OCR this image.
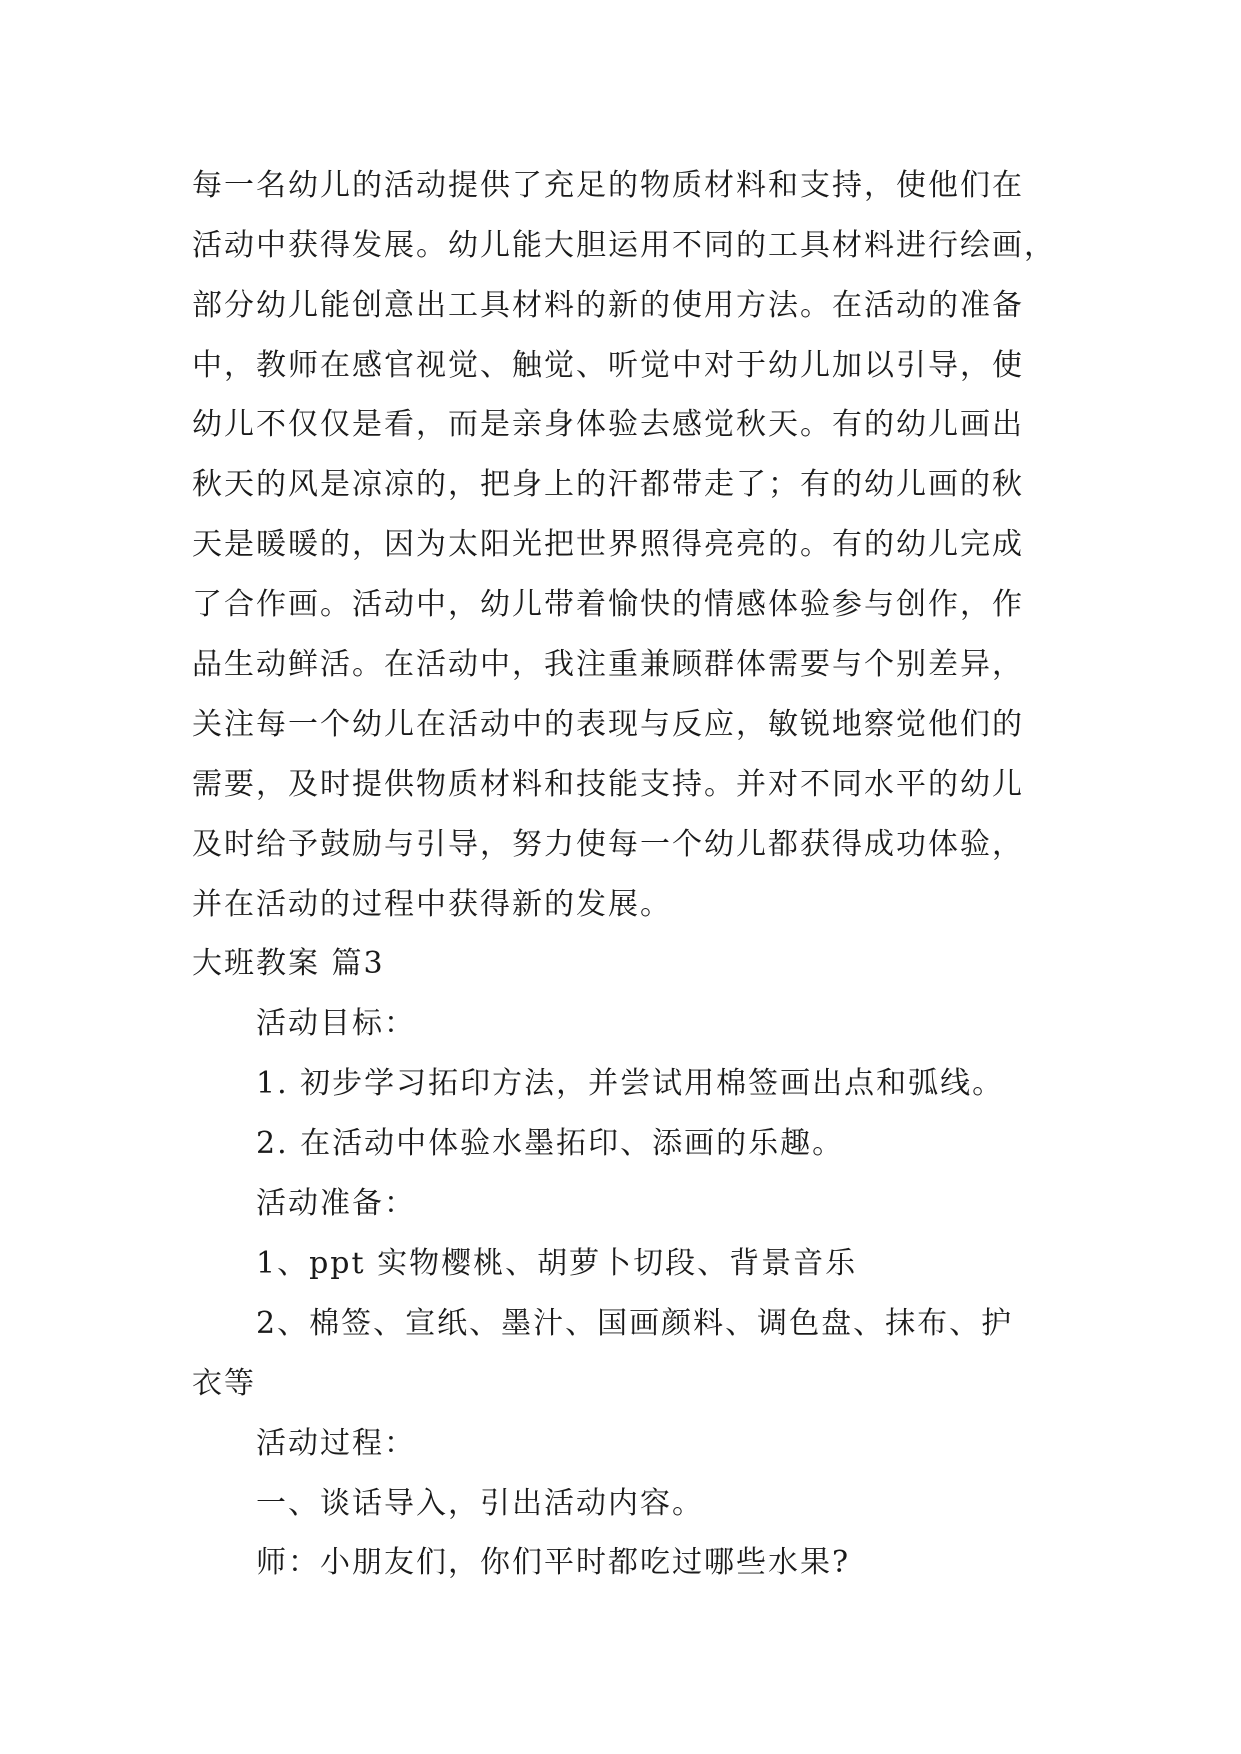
每一名幼儿的活动提供了充足的物质材料和支持，使他们在

活动中获得发展。幼儿能大胆运用不同的工具材料进行绘画，

部分幼儿能创意出工具材料的新的使用方法。在活动的准备

中，教师在感官视觉、触觉、听觉中对于幼儿加以引导，使

幼儿不仅仅是看，而是亲身体验去感觉秋天。有的幼儿画出

秋天的风是凉凉的，把身上的汗都带走了；有的幼儿画的秋

天是暖暖的，因为太阳光把世界照得亮亮的。有的幼儿完成

了合作画。活动中，幼儿带着愉快的情感体验参与创作，作

品生动鲜活。在活动中，我注重兼顾群体需要与个别差异，

关注每一个幼儿在活动中的表现与反应，敏锐地察觉他们的

需要，及时提供物质材料和技能支持。并对不同水平的幼儿

及时给予鼓励与引导，努力使每一个幼儿都获得成功体验，

并在活动的过程中获得新的发展。

大班教案 篇3

活动目标：

1. 初步学习拓印方法，并尝试用棉签画出点和弧线。

2. 在活动中体验水墨拓印、添画的乐趣。

活动准备：

1、ppt 实物樱桃、胡萝卜切段、背景音乐

2、棉签、宣纸、墨汁、国画颜料、调色盘、抹布、护

衣等

活动过程：

一、谈话导入，引出活动内容。

师：小朋友们，你们平时都吃过哪些水果?
